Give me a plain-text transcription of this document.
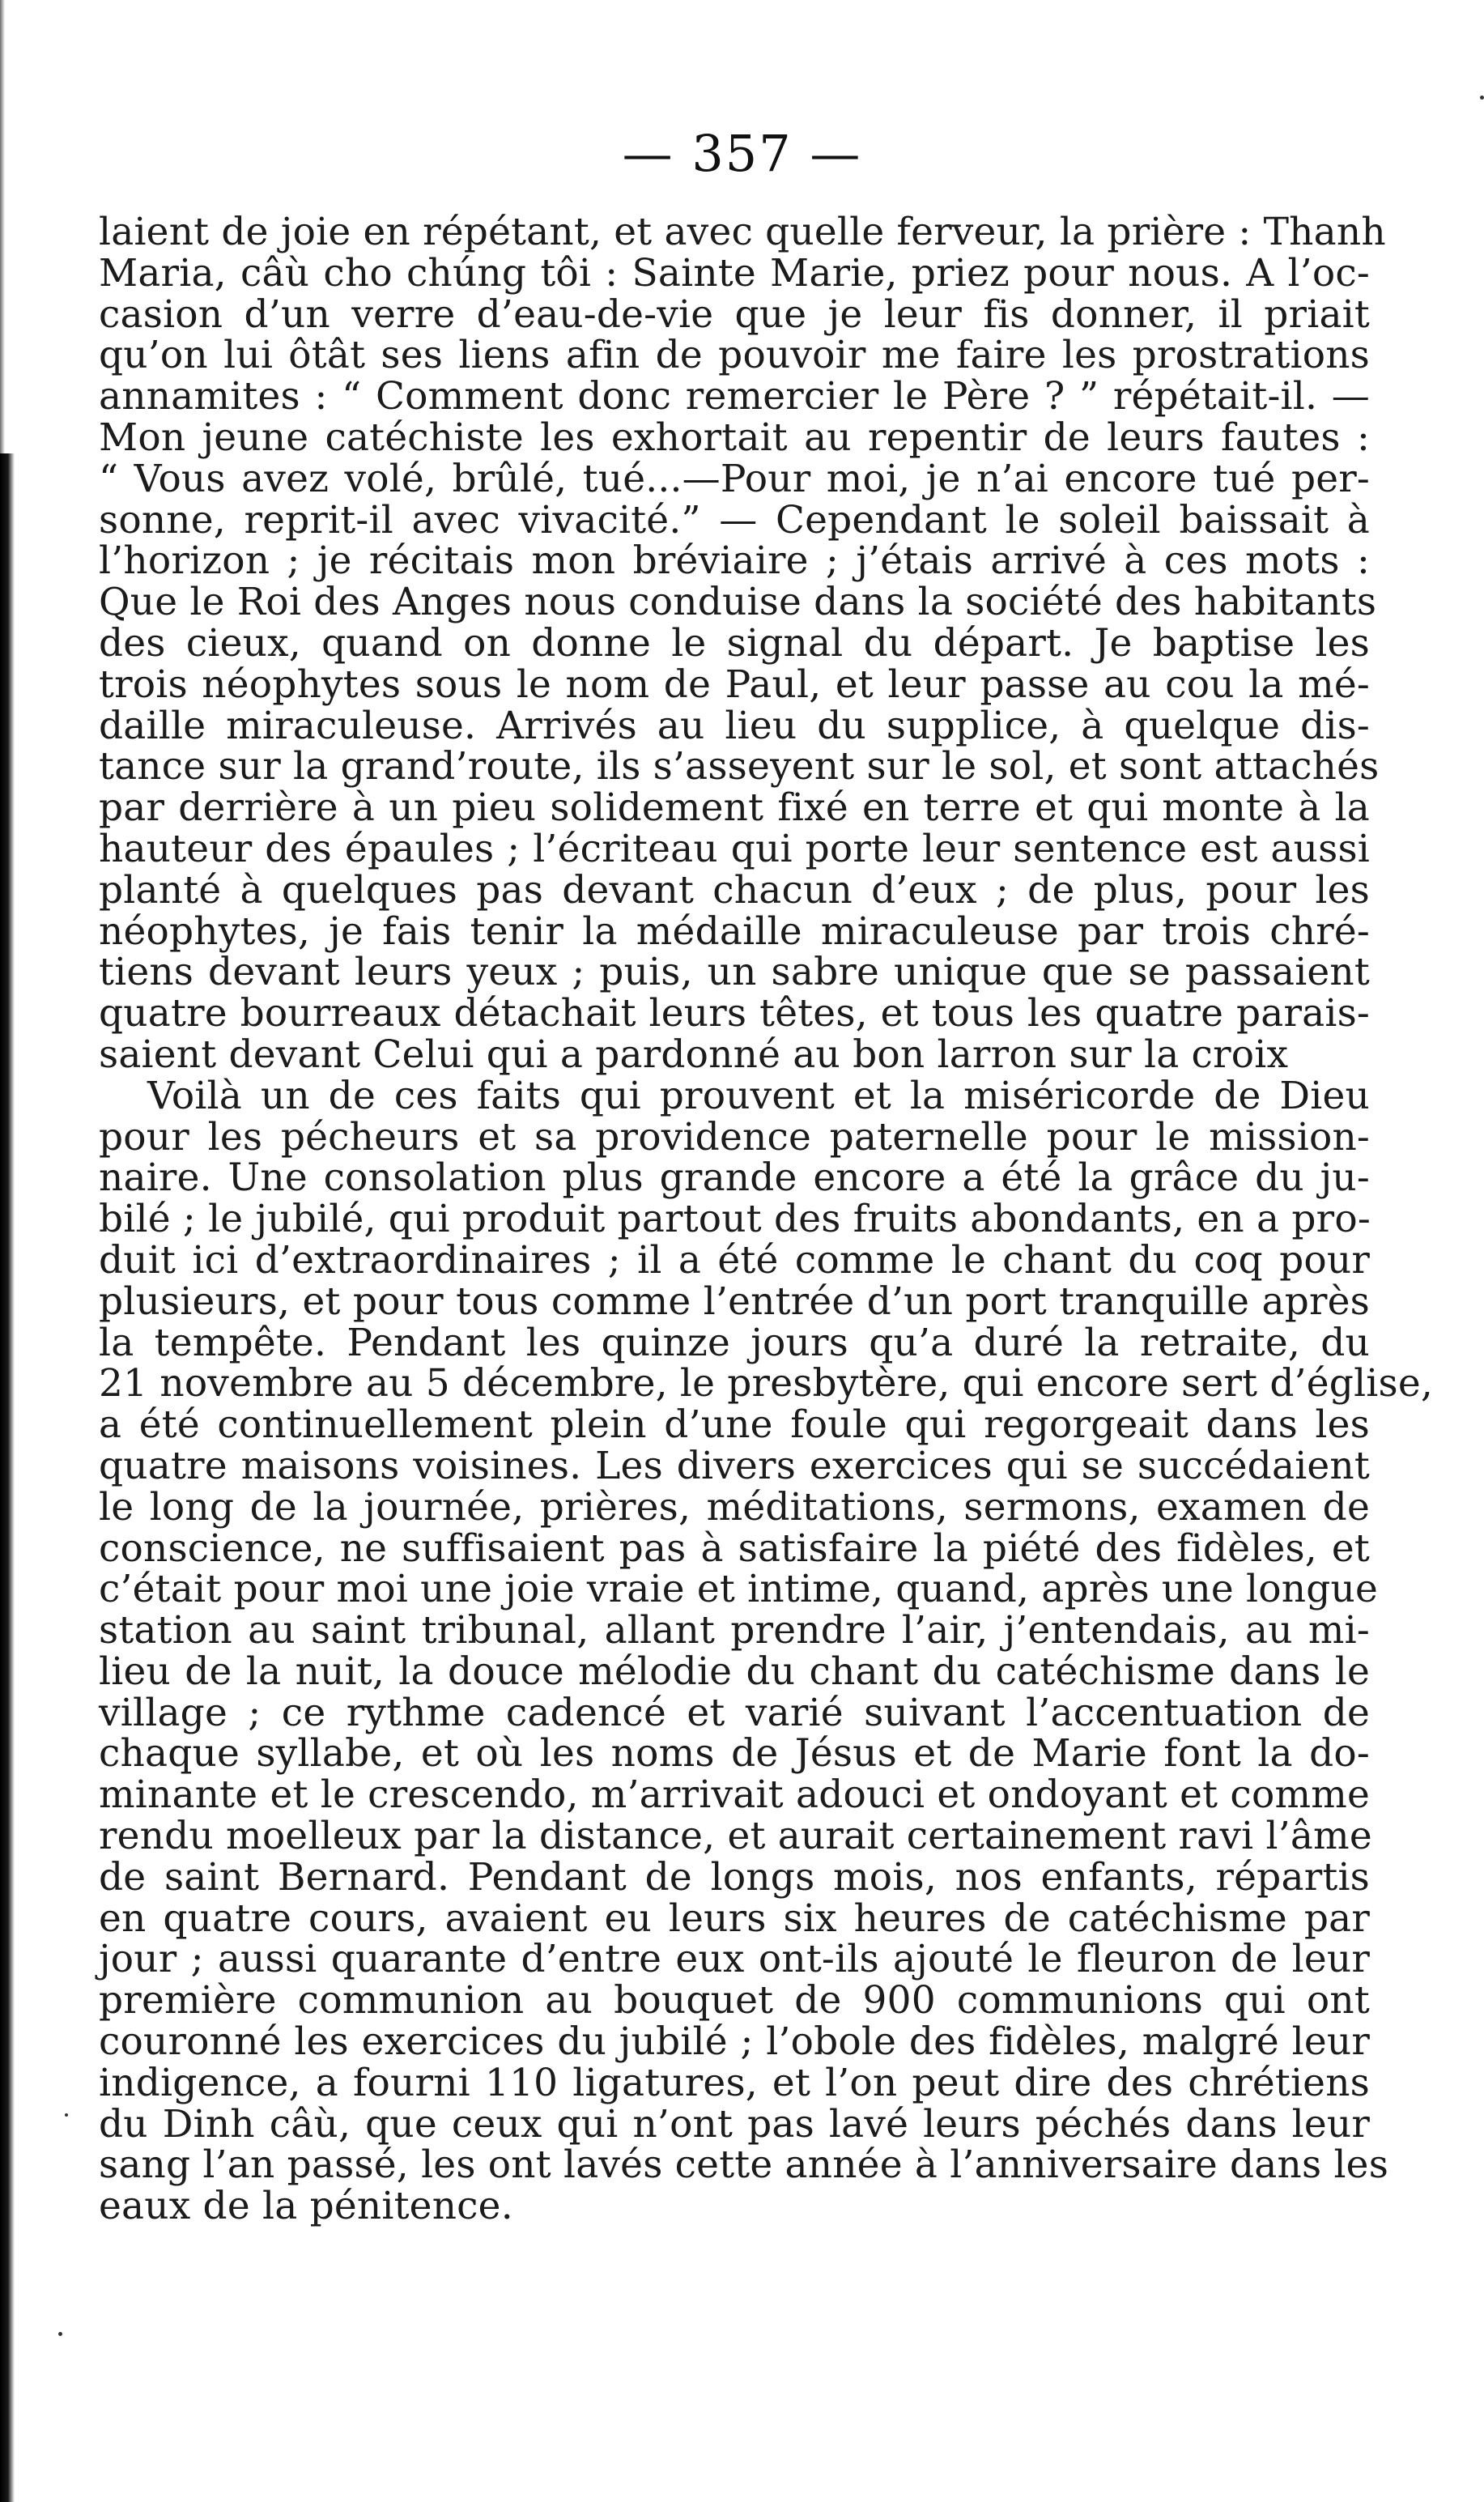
— 357 —
laient de joie en répétant, et avec quelle ferveur, la prière : Thanh
Maria, câù cho chúng tôi : Sainte Marie, priez pour nous. A l’oc-
casion d’un verre d’eau-de-vie que je leur fis donner, il priait
qu’on lui ôtât ses liens afin de pouvoir me faire les prostrations
annamites : “ Comment donc remercier le Père ? ” répétait-il. —
Mon jeune catéchiste les exhortait au repentir de leurs fautes :
“ Vous avez volé, brûlé, tué...—Pour moi, je n’ai encore tué per-
sonne, reprit-il avec vivacité.” — Cependant le soleil baissait à
l’horizon ; je récitais mon bréviaire ; j’étais arrivé à ces mots :
Que le Roi des Anges nous conduise dans la société des habitants
des cieux, quand on donne le signal du départ. Je baptise les
trois néophytes sous le nom de Paul, et leur passe au cou la mé-
daille miraculeuse. Arrivés au lieu du supplice, à quelque dis-
tance sur la grand’route, ils s’asseyent sur le sol, et sont attachés
par derrière à un pieu solidement fixé en terre et qui monte à la
hauteur des épaules ; l’écriteau qui porte leur sentence est aussi
planté à quelques pas devant chacun d’eux ; de plus, pour les
néophytes, je fais tenir la médaille miraculeuse par trois chré-
tiens devant leurs yeux ; puis, un sabre unique que se passaient
quatre bourreaux détachait leurs têtes, et tous les quatre parais-
saient devant Celui qui a pardonné au bon larron sur la croix
Voilà un de ces faits qui prouvent et la miséricorde de Dieu
pour les pécheurs et sa providence paternelle pour le mission-
naire. Une consolation plus grande encore a été la grâce du ju-
bilé ; le jubilé, qui produit partout des fruits abondants, en a pro-
duit ici d’extraordinaires ; il a été comme le chant du coq pour
plusieurs, et pour tous comme l’entrée d’un port tranquille après
la tempête. Pendant les quinze jours qu’a duré la retraite, du
21 novembre au 5 décembre, le presbytère, qui encore sert d’église,
a été continuellement plein d’une foule qui regorgeait dans les
quatre maisons voisines. Les divers exercices qui se succédaient
le long de la journée, prières, méditations, sermons, examen de
conscience, ne suffisaient pas à satisfaire la piété des fidèles, et
c’était pour moi une joie vraie et intime, quand, après une longue
station au saint tribunal, allant prendre l’air, j’entendais, au mi-
lieu de la nuit, la douce mélodie du chant du catéchisme dans le
village ; ce rythme cadencé et varié suivant l’accentuation de
chaque syllabe, et où les noms de Jésus et de Marie font la do-
minante et le crescendo, m’arrivait adouci et ondoyant et comme
rendu moelleux par la distance, et aurait certainement ravi l’âme
de saint Bernard. Pendant de longs mois, nos enfants, répartis
en quatre cours, avaient eu leurs six heures de catéchisme par
jour ; aussi quarante d’entre eux ont-ils ajouté le fleuron de leur
première communion au bouquet de 900 communions qui ont
couronné les exercices du jubilé ; l’obole des fidèles, malgré leur
indigence, a fourni 110 ligatures, et l’on peut dire des chrétiens
du Dinh câù, que ceux qui n’ont pas lavé leurs péchés dans leur
sang l’an passé, les ont lavés cette année à l’anniversaire dans les
eaux de la pénitence.
